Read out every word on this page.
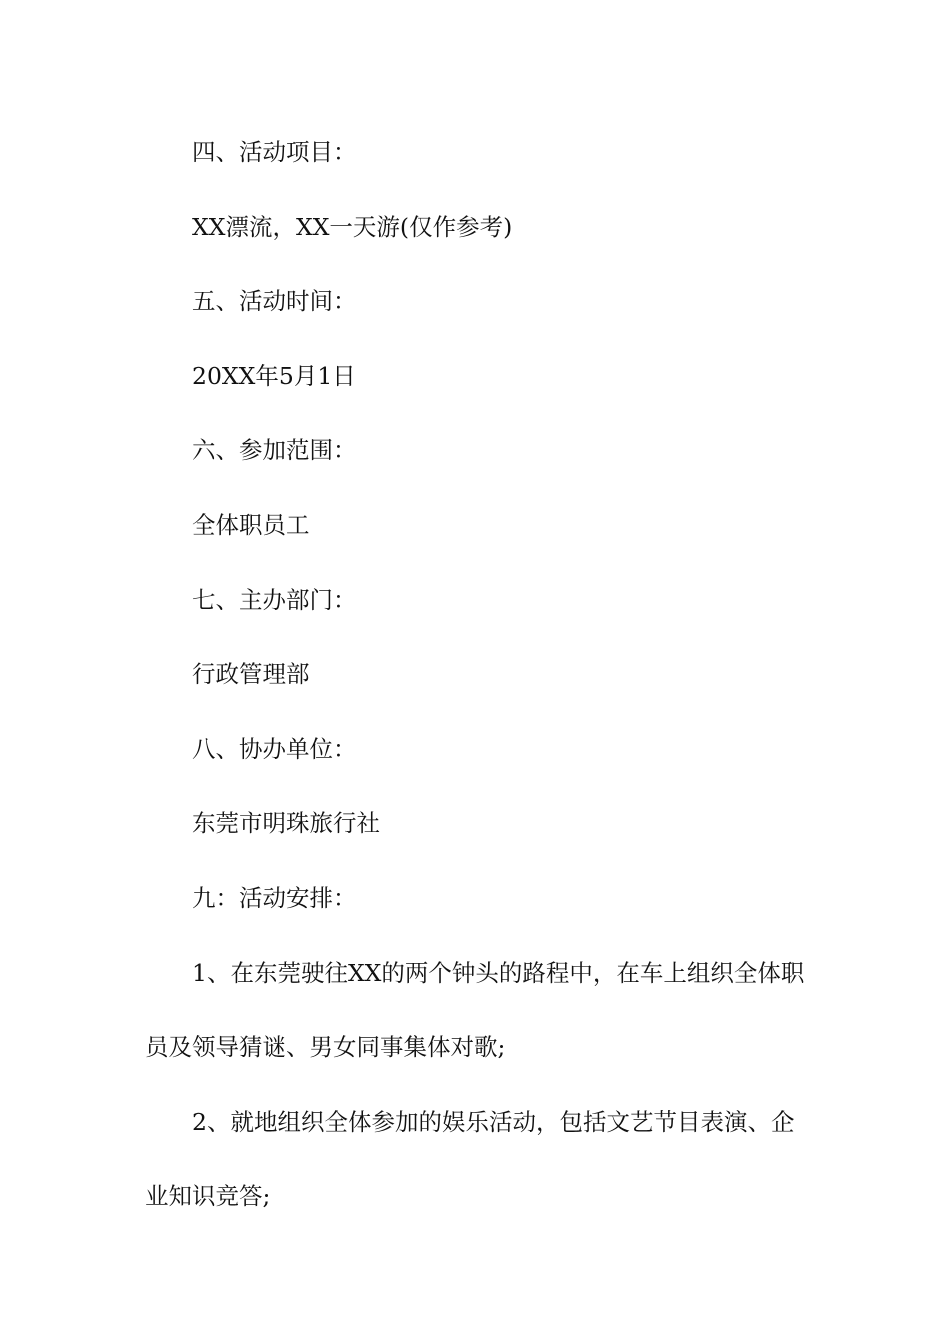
四、活动项目：
XX漂流，XX一天游(仅作参考)
五、活动时间：
20XX年5月1日
六、参加范围：
全体职员工
七、主办部门：
行政管理部
八、协办单位：
东莞市明珠旅行社
九：活动安排：

1、在东莞驶往XX的两个钟头的路程中，在车上组织全体职员及领导猜谜、男女同事集体对歌;

2、就地组织全体参加的娱乐活动，包括文艺节目表演、企业知识竞答;
